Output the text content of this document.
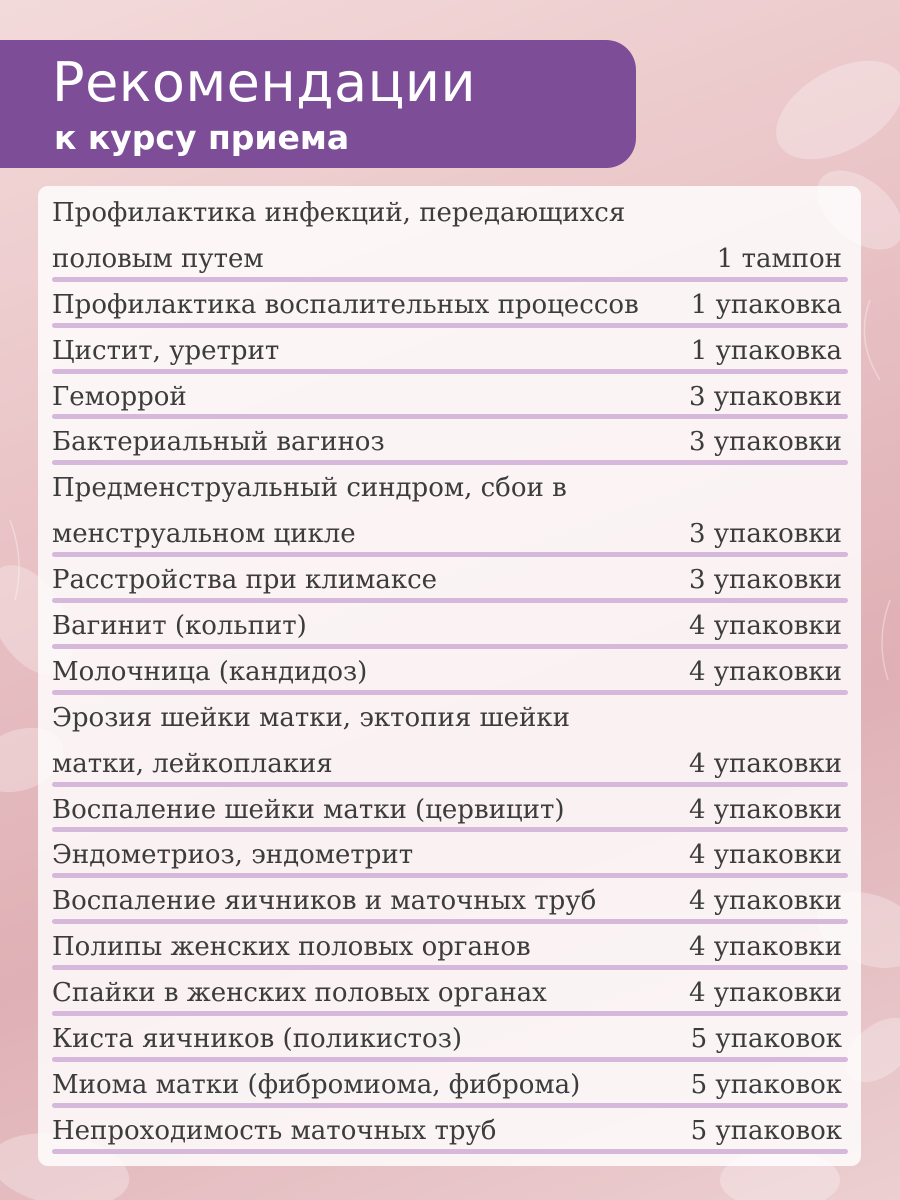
Рекомендации
к курсу приема
Профилактика инфекций, передающихся
половым путем	1 тампон
Профилактика воспалительных процессов 1 упаковка
Цистит, уретрит	1 упаковка
Геморрой	3 упаковки
Бактериальный вагиноз	3 упаковки
Предменструальный синдром, сбои в
менструальном цикле	3 упаковки
Расстройства при климаксе	3 упаковки
Вагинит (кольпит)	4 упаковки
Молочница (кандидоз)	4 упаковки
Эрозия шейки матки, эктопия шейки
матки, лейкоплакия	4 упаковки
Воспаление шейки матки (цервицит)	4 упаковки
Эндометриоз, эндометрит	4 упаковки
Воспаление яичников и маточных труб	4 упаковки
Полипы женских половых органов	4 упаковки
Спайки в женских половых органах	4 упаковки
Киста яичников (поликистоз)	5 упаковок
Миома матки (фибромиома, фиброма)	5 упаковок
Непроходимость маточных труб	5 упаковок
